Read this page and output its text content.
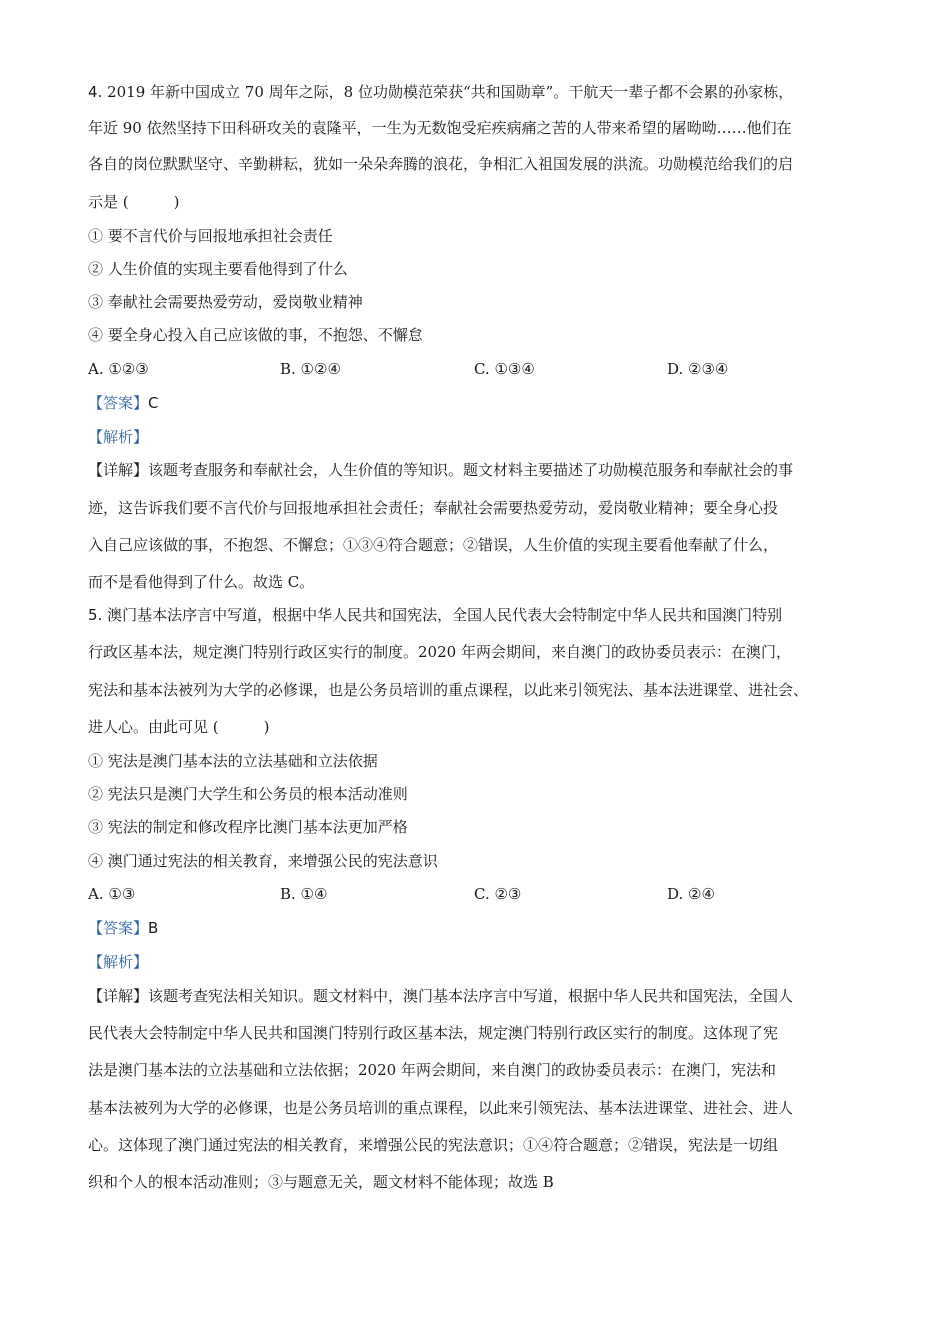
4. 2019 年新中国成立 70 周年之际，8 位功勋模范荣获“共和国勋章”。干航天一辈子都不会累的孙家栋，
年近 90 依然坚持下田科研攻关的袁隆平，一生为无数饱受疟疾病痛之苦的人带来希望的屠呦呦……他们在
各自的岗位默默坚守、辛勤耕耘，犹如一朵朵奔腾的浪花，争相汇入祖国发展的洪流。功勋模范给我们的启
示是 (　　　)
① 要不言代价与回报地承担社会责任
② 人生价值的实现主要看他得到了什么
③ 奉献社会需要热爱劳动，爱岗敬业精神
④ 要全身心投入自己应该做的事，不抱怨、不懈怠
A. ①②③	B. ①②④	C. ①③④	D. ②③④
【答案】C
【解析】
【详解】该题考查服务和奉献社会，人生价值的等知识。题文材料主要描述了功勋模范服务和奉献社会的事
迹，这告诉我们要不言代价与回报地承担社会责任；奉献社会需要热爱劳动，爱岗敬业精神；要全身心投
入自己应该做的事，不抱怨、不懈怠；①③④符合题意；②错误，人生价值的实现主要看他奉献了什么，
而不是看他得到了什么。故选 C。
5. 澳门基本法序言中写道，根据中华人民共和国宪法，全国人民代表大会特制定中华人民共和国澳门特别
行政区基本法，规定澳门特别行政区实行的制度。2020 年两会期间，来自澳门的政协委员表示：在澳门，
宪法和基本法被列为大学的必修课，也是公务员培训的重点课程，以此来引领宪法、基本法进课堂、进社会、
进人心。由此可见 (　　　)
① 宪法是澳门基本法的立法基础和立法依据
② 宪法只是澳门大学生和公务员的根本活动准则
③ 宪法的制定和修改程序比澳门基本法更加严格
④ 澳门通过宪法的相关教育，来增强公民的宪法意识
A. ①③	B. ①④	C. ②③	D. ②④
【答案】B
【解析】
【详解】该题考查宪法相关知识。题文材料中，澳门基本法序言中写道，根据中华人民共和国宪法，全国人
民代表大会特制定中华人民共和国澳门特别行政区基本法，规定澳门特别行政区实行的制度。这体现了宪
法是澳门基本法的立法基础和立法依据；2020 年两会期间，来自澳门的政协委员表示：在澳门，宪法和
基本法被列为大学的必修课，也是公务员培训的重点课程，以此来引领宪法、基本法进课堂、进社会、进人
心。这体现了澳门通过宪法的相关教育，来增强公民的宪法意识；①④符合题意；②错误，宪法是一切组
织和个人的根本活动准则；③与题意无关，题文材料不能体现；故选 B
